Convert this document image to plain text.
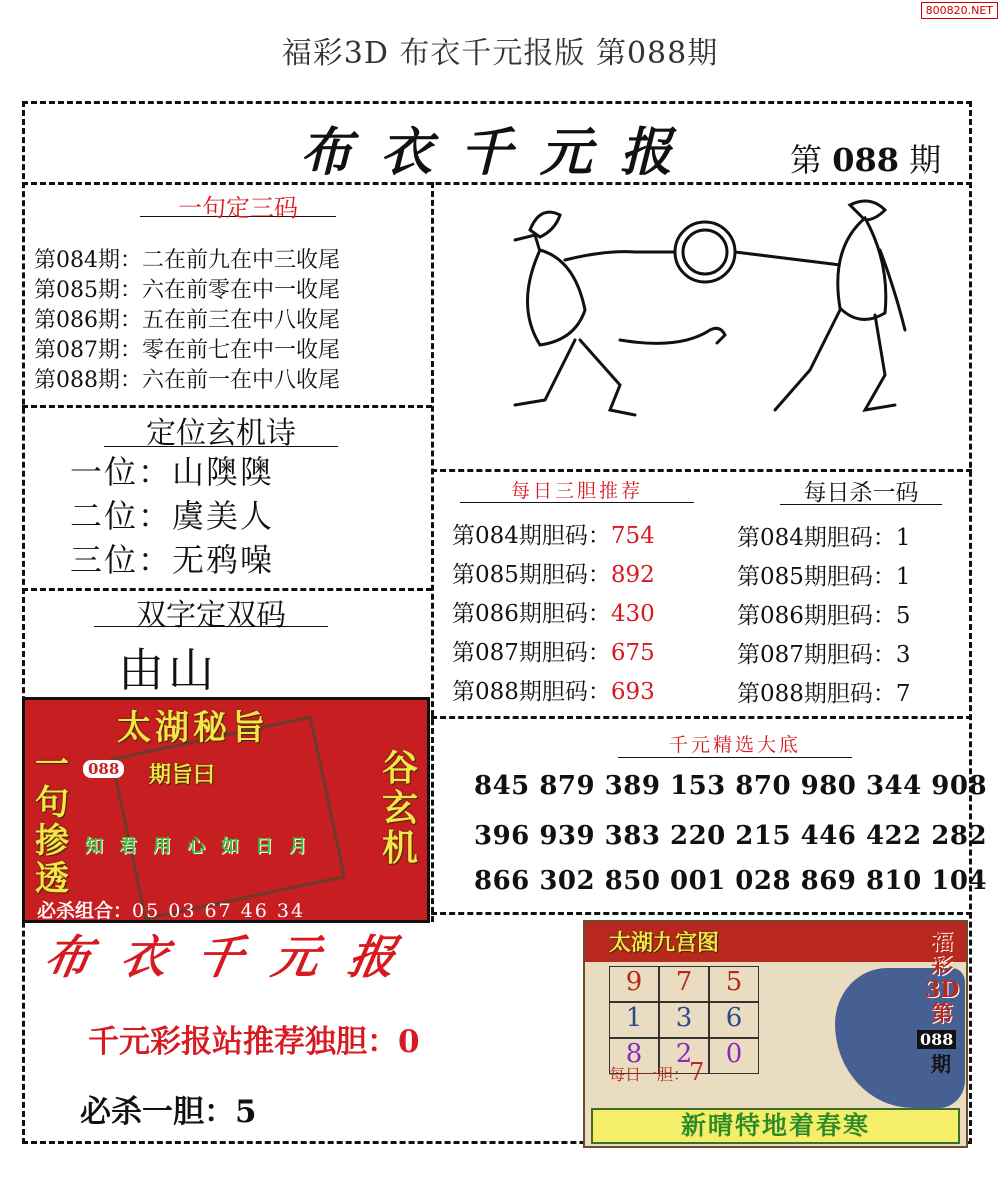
800820.NET
福彩3D 布衣千元报版 第088期
布衣千元报	第 088 期
一句定三码
第084期：二在前九在中三收尾
第085期：六在前零在中一收尾
第086期：五在前三在中八收尾
第087期：零在前七在中一收尾
第088期：六在前一在中八收尾
定位玄机诗
一位：山隩隩
二位：虞美人
三位：无鸦噪
双字定双码
由山
每日三胆推荐
第084期胆码：754
第085期胆码：892
第086期胆码：430
第087期胆码：675
第088期胆码：693
每日杀一码
第084期胆码：1
第085期胆码：1
第086期胆码：5
第087期胆码：3
第088期胆码：7
千元精选大底
845 879 389 153 870 980 344 908
396 939 383 220 215 446 422 282
866 302 850 001 028 869 810 104
太湖秘旨
088 期旨曰
一句掺透
谷玄机
知君用心如日月
必杀组合：05 03 67 46 34
布衣千元报
千元彩报站推荐独胆：0
必杀一胆：5
太湖九宫图	福彩3D第
088
期
9	7	5
1	3	6
8	2	0
每日一胆：7
新晴特地着春寒
